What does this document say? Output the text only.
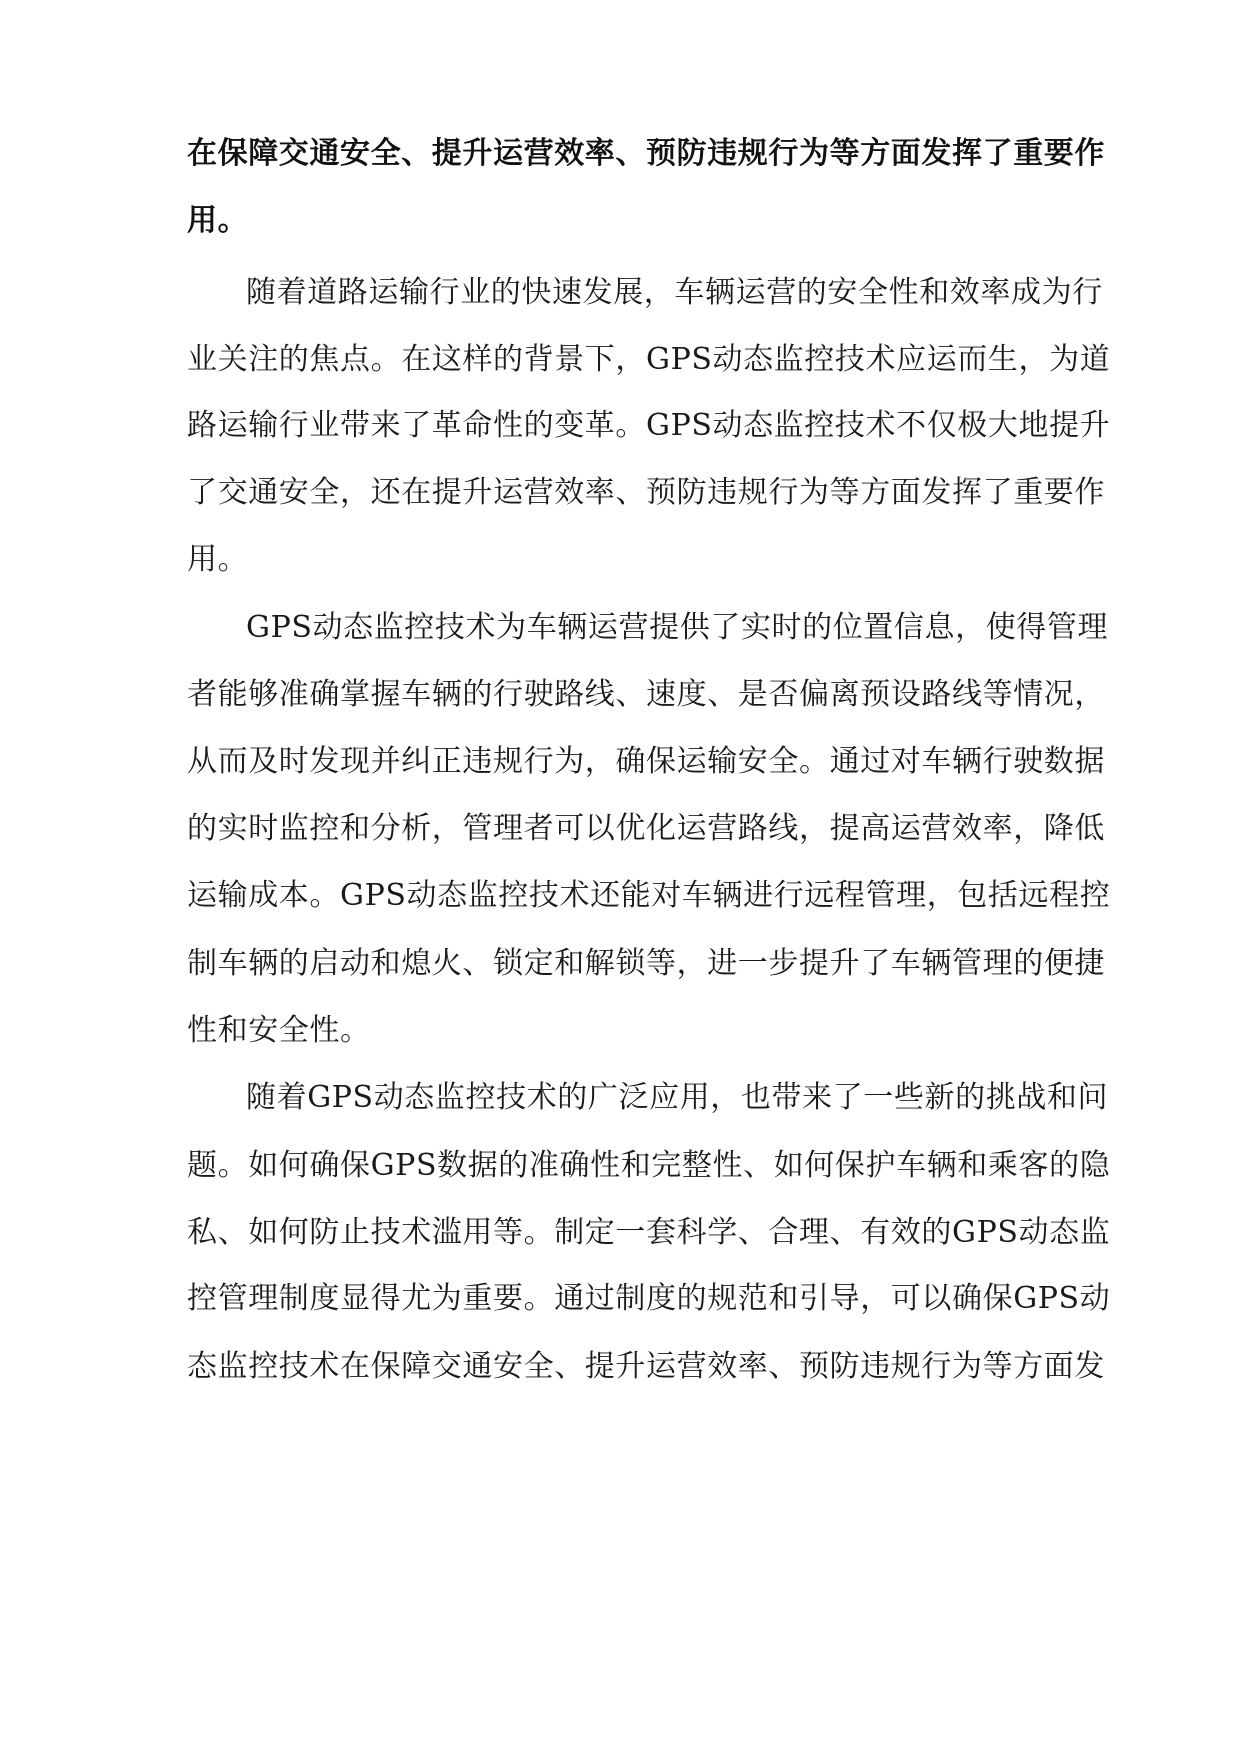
在保障交通安全、提升运营效率、预防违规行为等方面发挥了重要作
用。
随着道路运输行业的快速发展，车辆运营的安全性和效率成为行
业关注的焦点。在这样的背景下，GPS动态监控技术应运而生，为道
路运输行业带来了革命性的变革。GPS动态监控技术不仅极大地提升
了交通安全，还在提升运营效率、预防违规行为等方面发挥了重要作
用。
GPS动态监控技术为车辆运营提供了实时的位置信息，使得管理
者能够准确掌握车辆的行驶路线、速度、是否偏离预设路线等情况，
从而及时发现并纠正违规行为，确保运输安全。通过对车辆行驶数据
的实时监控和分析，管理者可以优化运营路线，提高运营效率，降低
运输成本。GPS动态监控技术还能对车辆进行远程管理，包括远程控
制车辆的启动和熄火、锁定和解锁等，进一步提升了车辆管理的便捷
性和安全性。
随着GPS动态监控技术的广泛应用，也带来了一些新的挑战和问
题。如何确保GPS数据的准确性和完整性、如何保护车辆和乘客的隐
私、如何防止技术滥用等。制定一套科学、合理、有效的GPS动态监
控管理制度显得尤为重要。通过制度的规范和引导，可以确保GPS动
态监控技术在保障交通安全、提升运营效率、预防违规行为等方面发
